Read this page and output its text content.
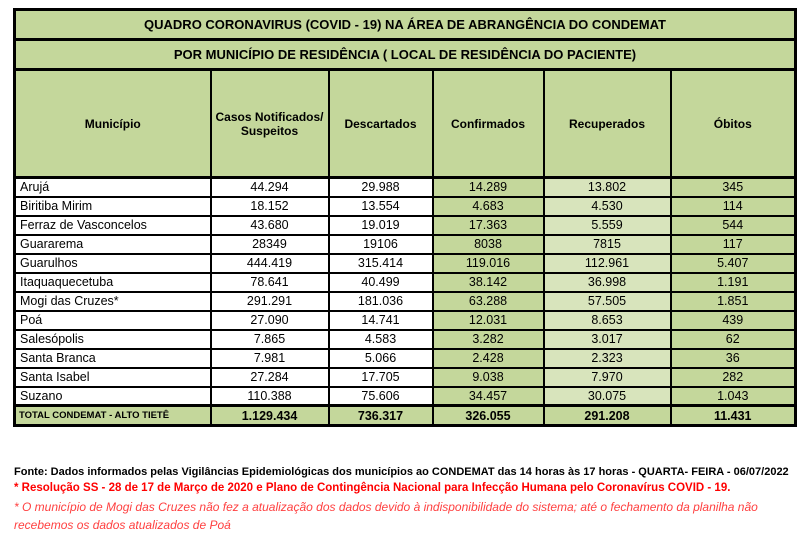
QUADRO CORONAVIRUS (COVID - 19) NA ÁREA DE ABRANGÊNCIA DO CONDEMAT					
POR MUNICÍPIO DE RESIDÊNCIA ( LOCAL DE RESIDÊNCIA DO PACIENTE)					
Município	Casos Notificados/ Suspeitos	Descartados	Confirmados	Recuperados	Óbitos
Arujá	44.294	29.988	14.289	13.802	345
Biritiba Mirim	18.152	13.554	4.683	4.530	114
Ferraz de Vasconcelos	43.680	19.019	17.363	5.559	544
Guararema	28349	19106	8038	7815	117
Guarulhos	444.419	315.414	119.016	112.961	5.407
Itaquaquecetuba	78.641	40.499	38.142	36.998	1.191
Mogi das Cruzes*	291.291	181.036	63.288	57.505	1.851
Poá	27.090	14.741	12.031	8.653	439
Salesópolis	7.865	4.583	3.282	3.017	62
Santa Branca	7.981	5.066	2.428	2.323	36
Santa Isabel	27.284	17.705	9.038	7.970	282
Suzano	110.388	75.606	34.457	30.075	1.043
TOTAL CONDEMAT - ALTO TIETÊ	1.129.434	736.317	326.055	291.208	11.431

Fonte: Dados informados pelas Vigilâncias Epidemiológicas dos municípios ao CONDEMAT das 14 horas às 17 horas - QUARTA- FEIRA - 06/07/2022

* Resolução SS - 28 de 17 de Março de 2020 e Plano de Contingência Nacional para Infecção Humana pelo Coronavírus COVID - 19.

* O município de Mogi das Cruzes não fez a atualização dos dados devido à indisponibilidade do sistema; até o fechamento da planilha não recebemos os dados atualizados de Poá
